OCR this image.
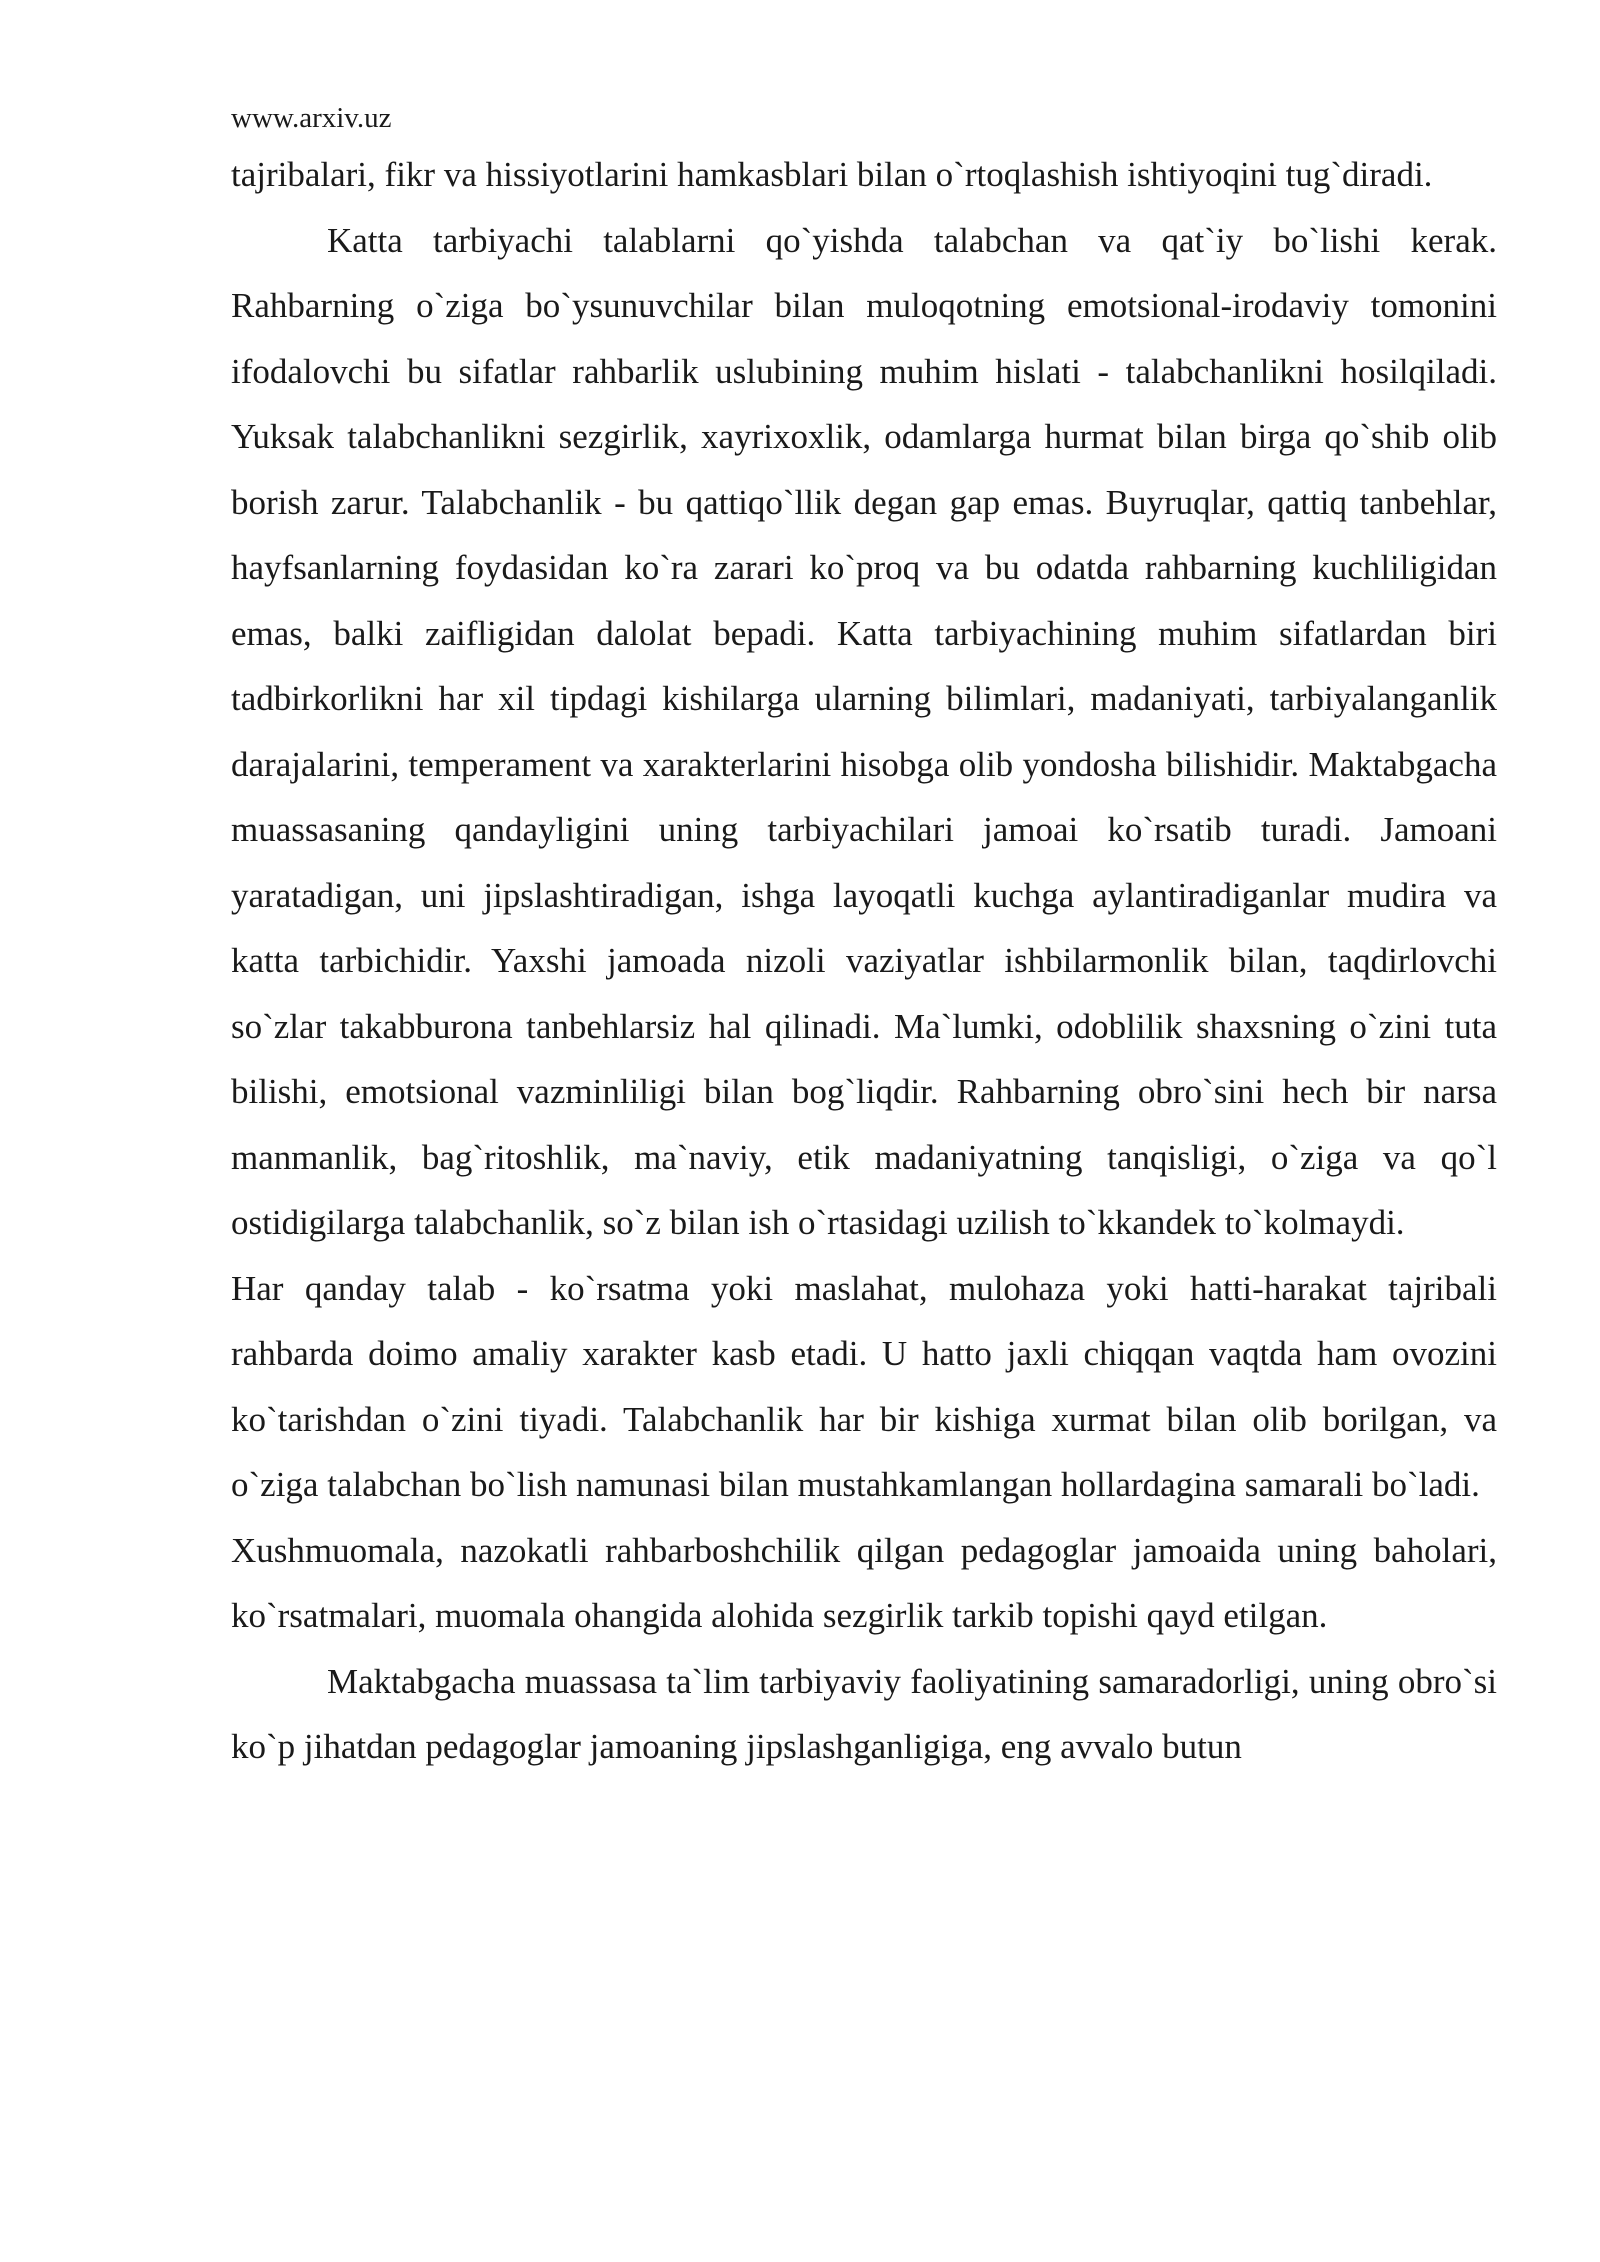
www.arxiv.uz

tajribalari, fikr va hissiyotlarini hamkasblari bilan o`rtoqlashish ishtiyoqini tug`diradi.

Katta tarbiyachi talablarni qo`yishda talabchan va qat`iy bo`lishi kerak. Rahbarning o`ziga bo`ysunuvchilar bilan muloqotning emotsional-irodaviy tomonini ifodalovchi bu sifatlar rahbarlik uslubining muhim hislati - talabchanlikni hosilqiladi. Yuksak talabchanlikni sezgirlik, xayrixoxlik, odamlarga hurmat bilan birga qo`shib olib borish zarur. Talabchanlik - bu qattiqo`llik degan gap emas. Buyruqlar, qattiq tanbehlar, hayfsanlarning foydasidan ko`ra zarari ko`proq va bu odatda rahbarning kuchliligidan emas, balki zaifligidan dalolat bepadi. Katta tarbiyachining muhim sifatlardan biri tadbirkorlikni har xil tipdagi kishilarga ularning bilimlari, madaniyati, tarbiyalanganlik darajalarini, temperament va xarakterlarini hisobga olib yondosha bilishidir. Maktabgacha muassasaning qandayligini uning tarbiyachilari jamoai ko`rsatib turadi. Jamoani yaratadigan, uni jipslashtiradigan, ishga layoqatli kuchga aylantiradiganlar mudira va katta tarbichidir. Yaxshi jamoada nizoli vaziyatlar ishbilarmonlik bilan, taqdirlovchi so`zlar takabburona tanbehlarsiz hal qilinadi. Ma`lumki, odoblilik shaxsning o`zini tuta bilishi, emotsional vazminliligi bilan bog`liqdir. Rahbarning obro`sini hech bir narsa manmanlik, bag`ritoshlik, ma`naviy, etik madaniyatning tanqisligi, o`ziga va qo`l ostidigilarga talabchanlik, so`z bilan ish o`rtasidagi uzilish to`kkandek to`kolmaydi.

Har qanday talab - ko`rsatma yoki maslahat, mulohaza yoki hatti-harakat tajribali rahbarda doimo amaliy xarakter kasb etadi. U hatto jaxli chiqqan vaqtda ham ovozini ko`tarishdan o`zini tiyadi. Talabchanlik har bir kishiga xurmat bilan olib borilgan, va o`ziga talabchan bo`lish namunasi bilan mustahkamlangan hollardagina samarali bo`ladi.

Xushmuomala, nazokatli rahbarboshchilik qilgan pedagoglar jamoaida uning baholari, ko`rsatmalari, muomala ohangida alohida sezgirlik tarkib topishi qayd etilgan.

Maktabgacha muassasa ta`lim tarbiyaviy faoliyatining samaradorligi, uning obro`si ko`p jihatdan pedagoglar jamoaning jipslashganligiga, eng avvalo butun
